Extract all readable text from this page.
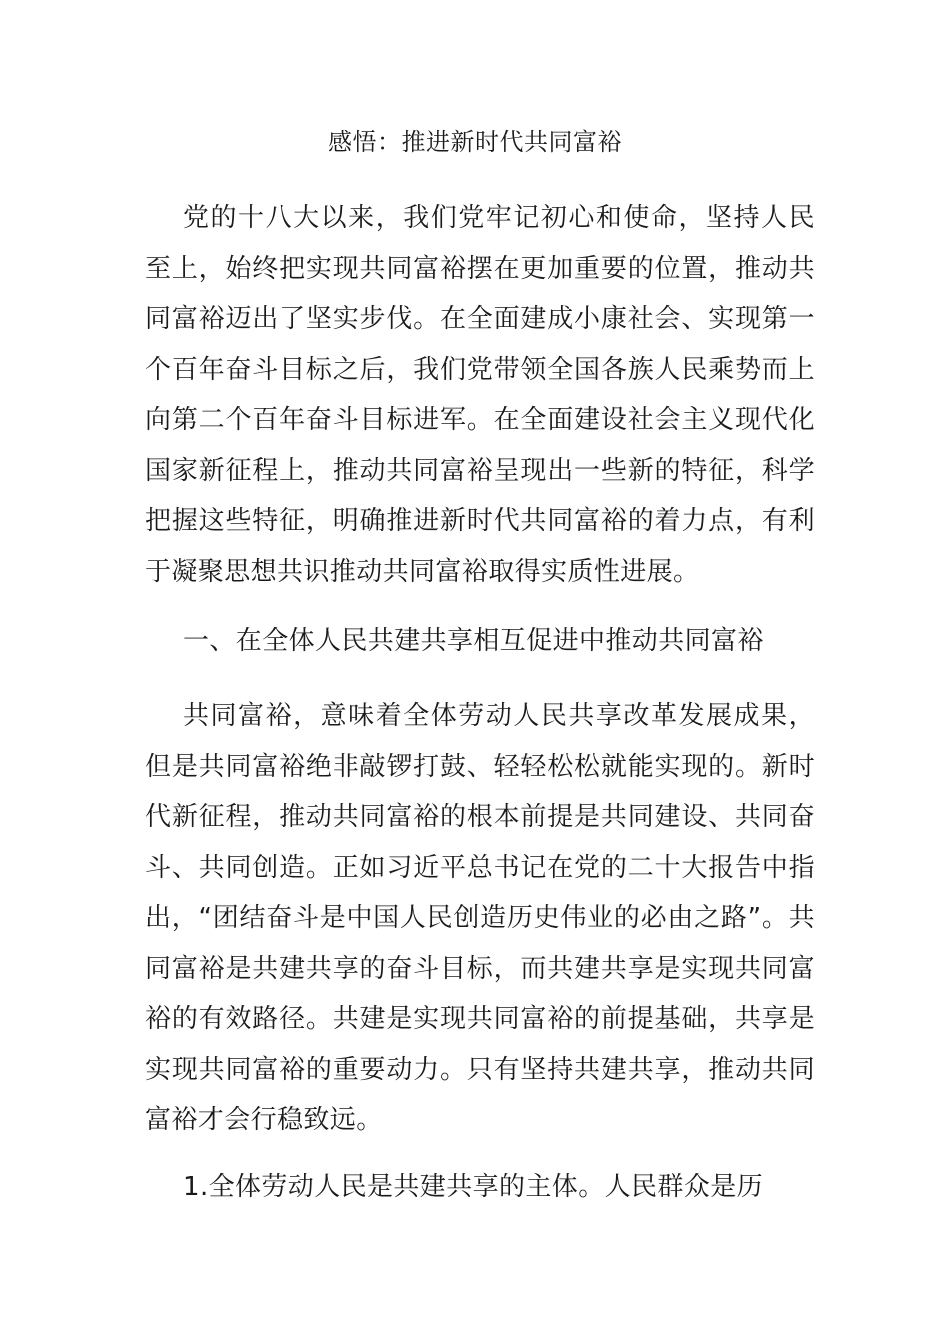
感悟：推进新时代共同富裕

党的十八大以来，我们党牢记初心和使命，坚持人民至上，始终把实现共同富裕摆在更加重要的位置，推动共同富裕迈出了坚实步伐。在全面建成小康社会、实现第一个百年奋斗目标之后，我们党带领全国各族人民乘势而上向第二个百年奋斗目标进军。在全面建设社会主义现代化国家新征程上，推动共同富裕呈现出一些新的特征，科学把握这些特征，明确推进新时代共同富裕的着力点，有利于凝聚思想共识推动共同富裕取得实质性进展。

一、在全体人民共建共享相互促进中推动共同富裕

共同富裕，意味着全体劳动人民共享改革发展成果，但是共同富裕绝非敲锣打鼓、轻轻松松就能实现的。新时代新征程，推动共同富裕的根本前提是共同建设、共同奋斗、共同创造。正如习近平总书记在党的二十大报告中指出，“团结奋斗是中国人民创造历史伟业的必由之路”。共同富裕是共建共享的奋斗目标，而共建共享是实现共同富裕的有效路径。共建是实现共同富裕的前提基础，共享是实现共同富裕的重要动力。只有坚持共建共享，推动共同富裕才会行稳致远。

1.全体劳动人民是共建共享的主体。人民群众是历
